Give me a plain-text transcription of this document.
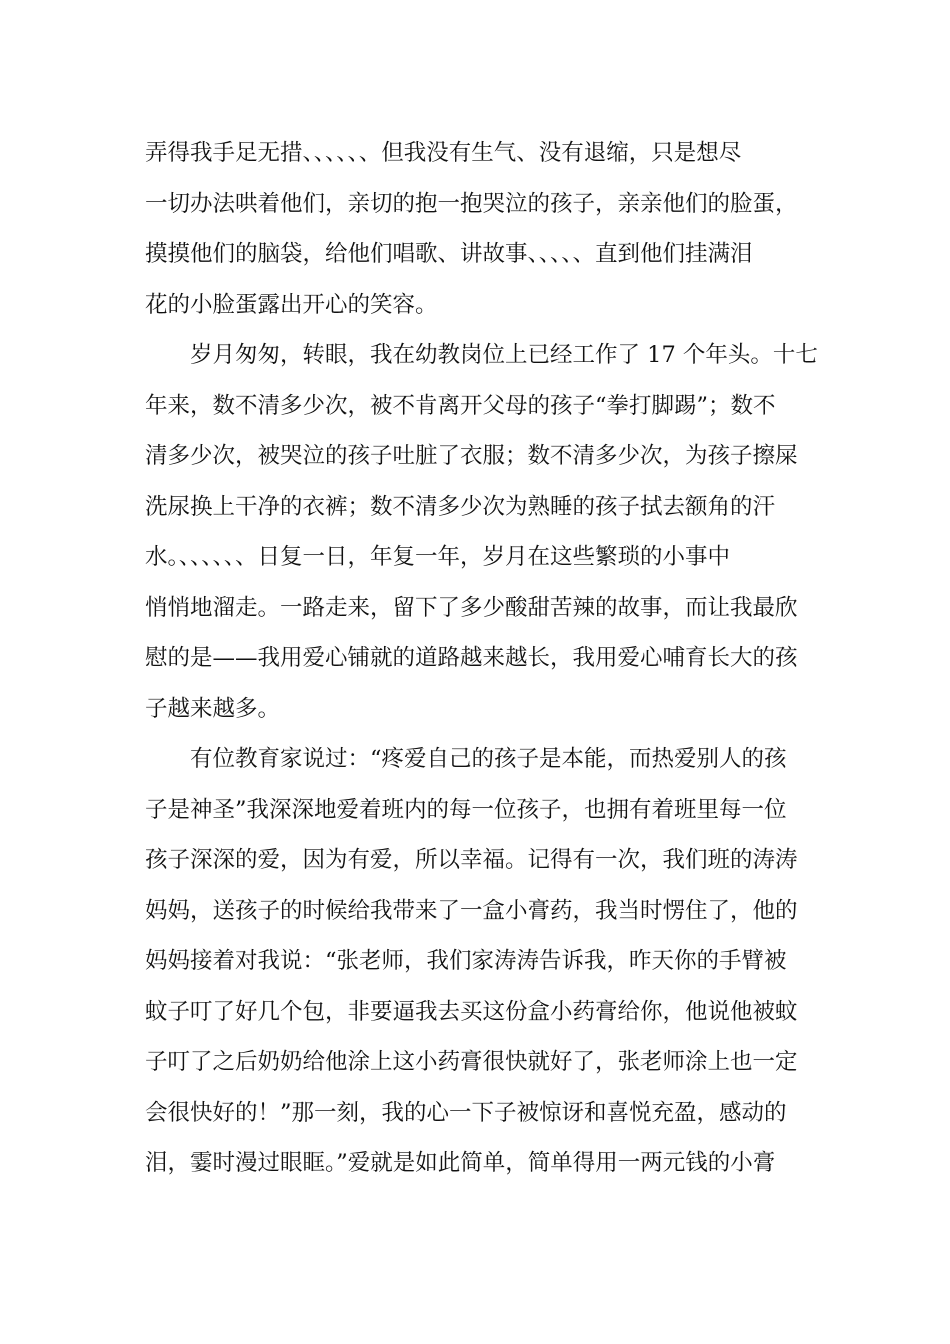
弄得我手足无措、、、、、、但我没有生气、没有退缩，只是想尽
一切办法哄着他们，亲切的抱一抱哭泣的孩子，亲亲他们的脸蛋，
摸摸他们的脑袋，给他们唱歌、讲故事、、、、、直到他们挂满泪
花的小脸蛋露出开心的笑容。
岁月匆匆，转眼，我在幼教岗位上已经工作了 17 个年头。十七
年来，数不清多少次，被不肯离开父母的孩子“拳打脚踢”；数不
清多少次，被哭泣的孩子吐脏了衣服；数不清多少次，为孩子擦屎
洗尿换上干净的衣裤；数不清多少次为熟睡的孩子拭去额角的汗
水。、、、、、、日复一日，年复一年，岁月在这些繁琐的小事中
悄悄地溜走。一路走来，留下了多少酸甜苦辣的故事，而让我最欣
慰的是——我用爱心铺就的道路越来越长，我用爱心哺育长大的孩
子越来越多。
有位教育家说过：“疼爱自己的孩子是本能，而热爱别人的孩
子是神圣”我深深地爱着班内的每一位孩子，也拥有着班里每一位
孩子深深的爱，因为有爱，所以幸福。记得有一次，我们班的涛涛
妈妈，送孩子的时候给我带来了一盒小膏药，我当时愣住了，他的
妈妈接着对我说：“张老师，我们家涛涛告诉我，昨天你的手臂被
蚊子叮了好几个包，非要逼我去买这份盒小药膏给你，他说他被蚊
子叮了之后奶奶给他涂上这小药膏很快就好了，张老师涂上也一定
会很快好的！”那一刻，我的心一下子被惊讶和喜悦充盈，感动的
泪，霎时漫过眼眶。”爱就是如此简单，简单得用一两元钱的小膏
